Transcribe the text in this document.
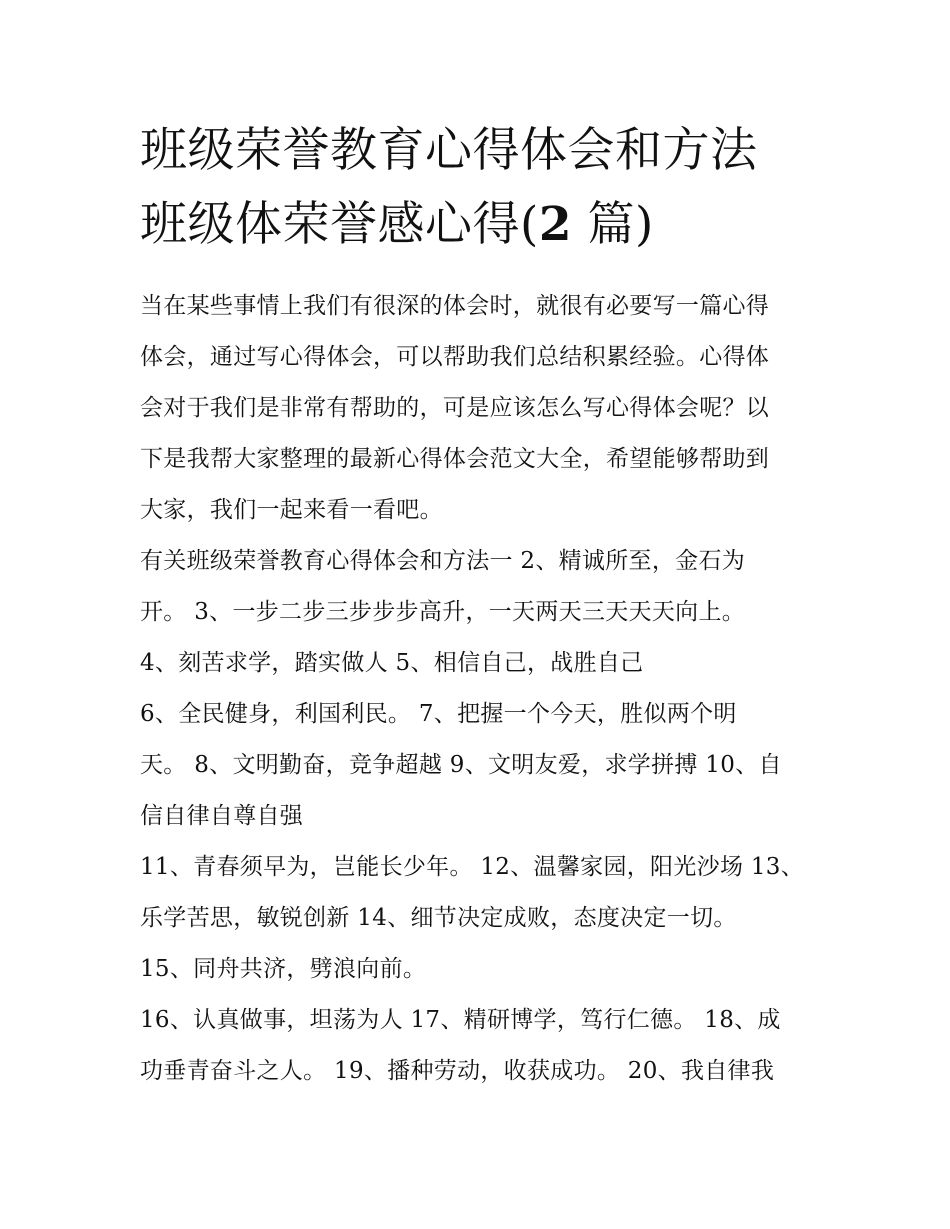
班级荣誉教育心得体会和方法
班级体荣誉感心得(2 篇)
当在某些事情上我们有很深的体会时，就很有必要写一篇心得
体会，通过写心得体会，可以帮助我们总结积累经验。心得体
会对于我们是非常有帮助的，可是应该怎么写心得体会呢？以
下是我帮大家整理的最新心得体会范文大全，希望能够帮助到
大家，我们一起来看一看吧。
有关班级荣誉教育心得体会和方法一 2、精诚所至，金石为
开。 3、一步二步三步步步高升，一天两天三天天天向上。
4、刻苦求学，踏实做人 5、相信自己，战胜自己
6、全民健身，利国利民。 7、把握一个今天，胜似两个明
天。 8、文明勤奋，竞争超越 9、文明友爱，求学拼搏 10、自
信自律自尊自强
11、青春须早为，岂能长少年。 12、温馨家园，阳光沙场 13、
乐学苦思，敏锐创新 14、细节决定成败，态度决定一切。
15、同舟共济，劈浪向前。
16、认真做事，坦荡为人 17、精研博学，笃行仁德。 18、成
功垂青奋斗之人。 19、播种劳动，收获成功。 20、我自律我
